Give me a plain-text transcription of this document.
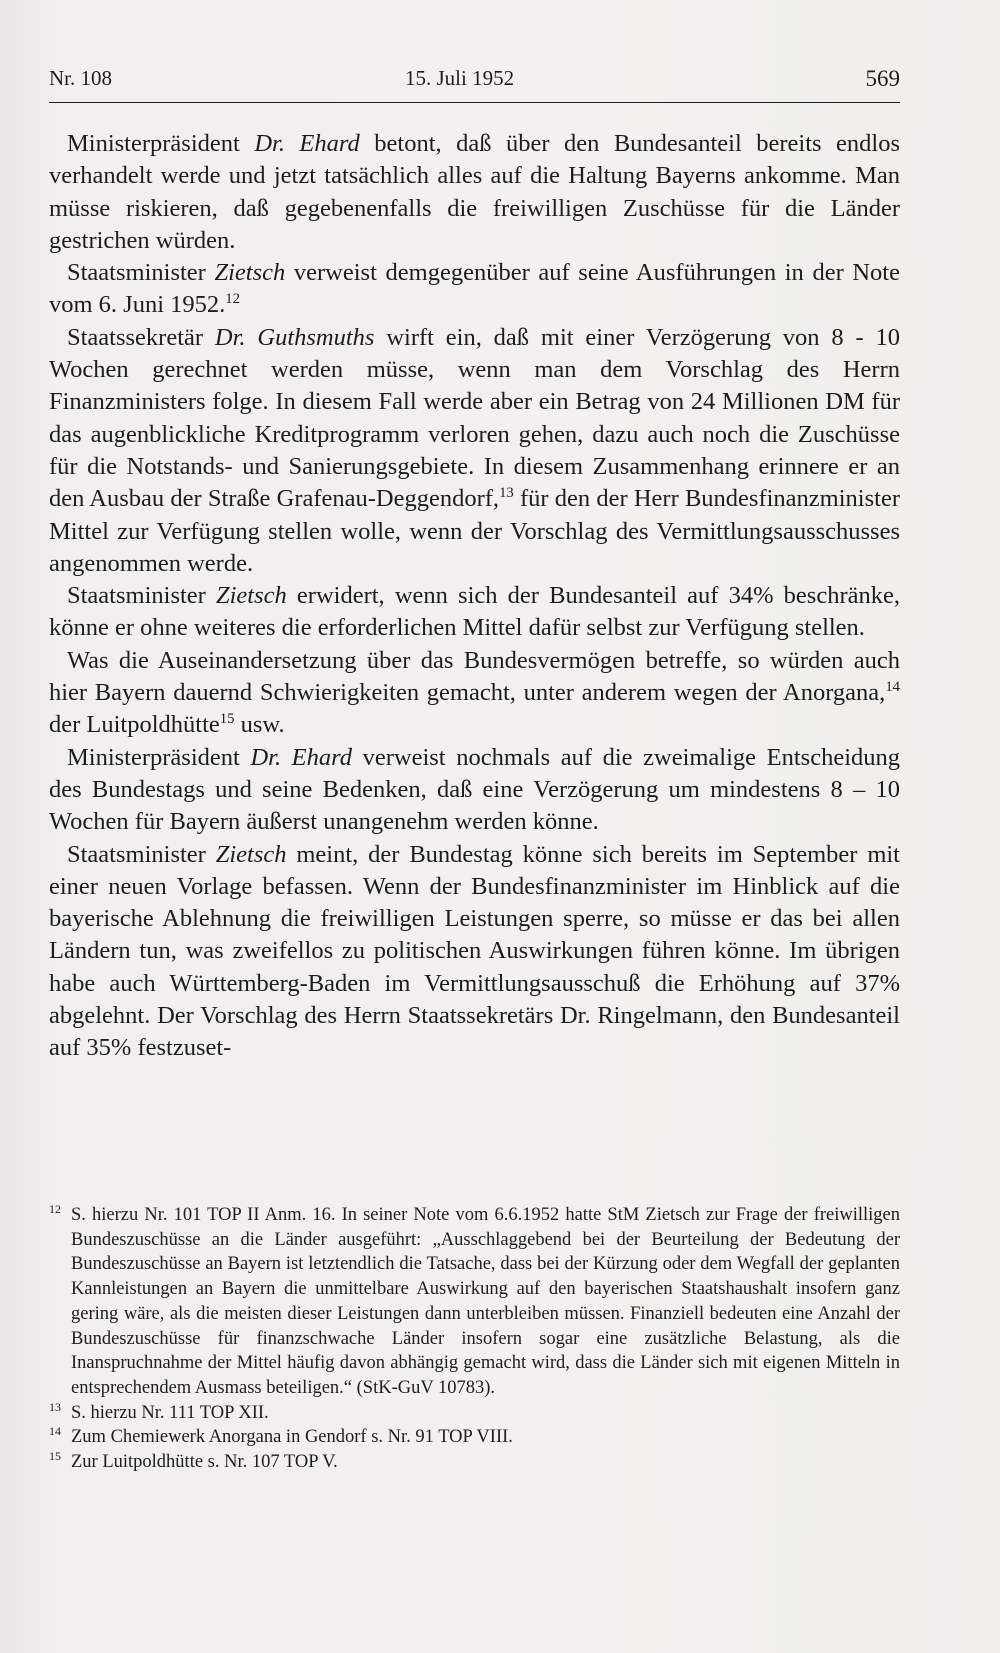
Nr. 108	15. Juli 1952	569

Ministerpräsident Dr. Ehard betont, daß über den Bundesanteil bereits endlos verhandelt werde und jetzt tatsächlich alles auf die Haltung Bayerns ankomme. Man müsse riskieren, daß gegebenenfalls die freiwilligen Zuschüsse für die Länder gestrichen würden.

Staatsminister Zietsch verweist demgegenüber auf seine Ausführungen in der Note vom 6. Juni 1952.12

Staatssekretär Dr. Guthsmuths wirft ein, daß mit einer Verzögerung von 8 - 10 Wochen gerechnet werden müsse, wenn man dem Vorschlag des Herrn Finanzministers folge. In diesem Fall werde aber ein Betrag von 24 Millionen DM für das augenblickliche Kreditprogramm verloren gehen, dazu auch noch die Zuschüsse für die Notstands- und Sanierungsgebiete. In diesem Zusammenhang erinnere er an den Ausbau der Straße Grafenau-Deggendorf,$^{13}$ für den der Herr Bundesfinanzminister Mittel zur Verfügung stellen wolle, wenn der Vorschlag des Vermittlungsausschusses angenommen werde.

Staatsminister Zietsch erwidert, wenn sich der Bundesanteil auf 34% beschränke, könne er ohne weiteres die erforderlichen Mittel dafür selbst zur Verfügung stellen.

Was die Auseinandersetzung über das Bundesvermögen betreffe, so würden auch hier Bayern dauernd Schwierigkeiten gemacht, unter anderem wegen der Anorgana,$^{14}$ der Luitpoldhütte$^{15}$ usw.

Ministerpräsident Dr. Ehard verweist nochmals auf die zweimalige Entscheidung des Bundestags und seine Bedenken, daß eine Verzögerung um mindestens 8 – 10 Wochen für Bayern äußerst unangenehm werden könne.

Staatsminister Zietsch meint, der Bundestag könne sich bereits im September mit einer neuen Vorlage befassen. Wenn der Bundesfinanzminister im Hinblick auf die bayerische Ablehnung die freiwilligen Leistungen sperre, so müsse er das bei allen Ländern tun, was zweifellos zu politischen Auswirkungen führen könne. Im übrigen habe auch Württemberg-Baden im Vermittlungsausschuß die Erhöhung auf 37% abgelehnt. Der Vorschlag des Herrn Staatssekretärs Dr. Ringelmann, den Bundesanteil auf 35% festzuset-

12 S. hierzu Nr. 101 TOP II Anm. 16. In seiner Note vom 6.6.1952 hatte StM Zietsch zur Frage der freiwilligen Bundeszuschüsse an die Länder ausgeführt: „Ausschlaggebend bei der Beurteilung der Bedeutung der Bundeszuschüsse an Bayern ist letztendlich die Tatsache, dass bei der Kürzung oder dem Wegfall der geplanten Kannleistungen an Bayern die unmittelbare Auswirkung auf den bayerischen Staatshaushalt insofern ganz gering wäre, als die meisten dieser Leistungen dann unterbleiben müssen. Finanziell bedeuten eine Anzahl der Bundeszuschüsse für finanzschwache Länder insofern sogar eine zusätzliche Belastung, als die Inanspruchnahme der Mittel häufig davon abhängig gemacht wird, dass die Länder sich mit eigenen Mitteln in entsprechendem Ausmass beteiligen.“ (StK-GuV 10783).

13 S. hierzu Nr. 111 TOP XII.

14 Zum Chemiewerk Anorgana in Gendorf s. Nr. 91 TOP VIII.

15 Zur Luitpoldhütte s. Nr. 107 TOP V.
